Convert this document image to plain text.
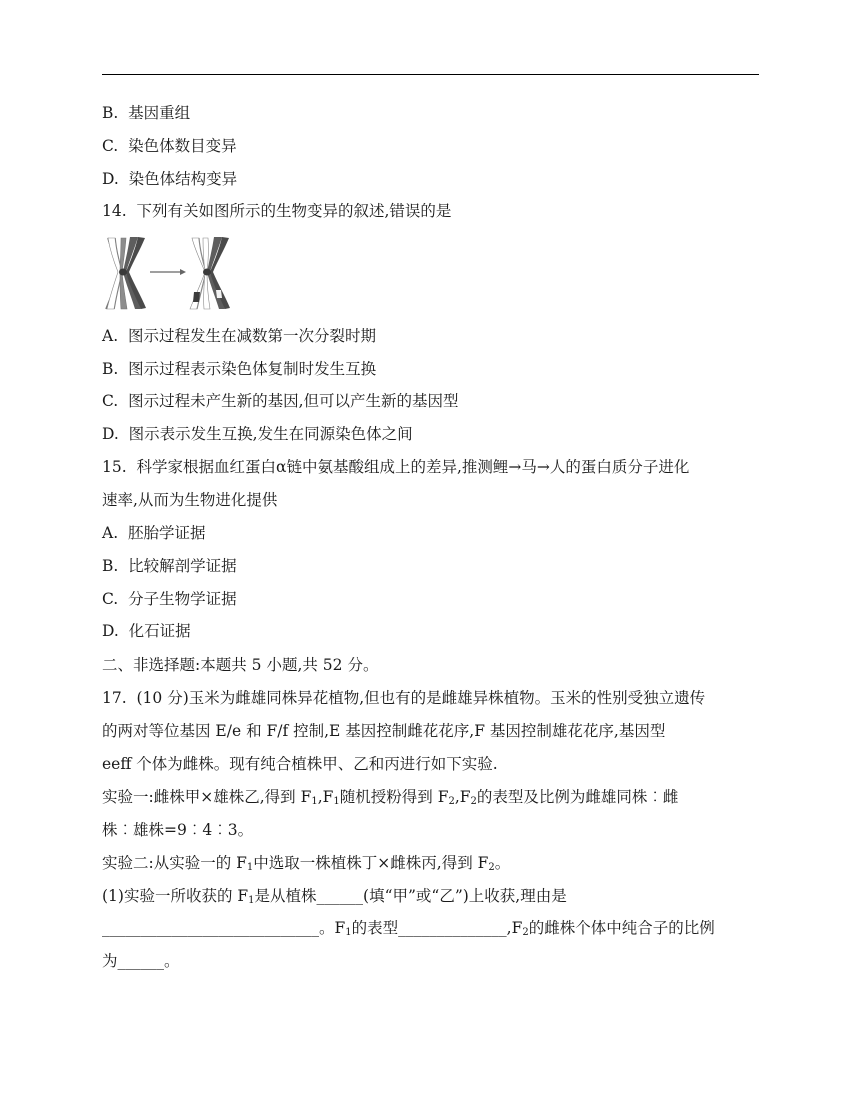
B.  基因重组
C.  染色体数目变异
D.  染色体结构变异
14.  下列有关如图所示的生物变异的叙述,错误的是
A.  图示过程发生在减数第一次分裂时期
B.  图示过程表示染色体复制时发生互换
C.  图示过程未产生新的基因,但可以产生新的基因型
D.  图示表示发生互换,发生在同源染色体之间
15.  科学家根据血红蛋白α链中氨基酸组成上的差异,推测鲤→马→人的蛋白质分子进化
速率,从而为生物进化提供
A.  胚胎学证据
B.  比较解剖学证据
C.  分子生物学证据
D.  化石证据
二、非选择题:本题共 5 小题,共 52 分。
17.  (10 分)玉米为雌雄同株异花植物,但也有的是雌雄异株植物。玉米的性别受独立遗传
的两对等位基因 E/e 和 F/f 控制,E 基因控制雌花花序,F 基因控制雄花花序,基因型
eeff 个体为雌株。现有纯合植株甲、乙和丙进行如下实验.
实验一:雌株甲×雄株乙,得到 $F_1,F_1$随机授粉得到 $F_2,F_2$的表型及比例为雌雄同株︰雌
株︰雄株=9︰4︰3。
实验二:从实验一的 $F_1$中选取一株植株丁×雌株丙,得到 $F_2$。
(1)实验一所收获的 $F_1$是从植株______(填“甲”或“乙”)上收获,理由是
____________________________。$F_1$的表型$\_\_\_\_\_\_\_\_\_\_\_\_\_\_,F_2$的雌株个体中纯合子的比例
为______。
